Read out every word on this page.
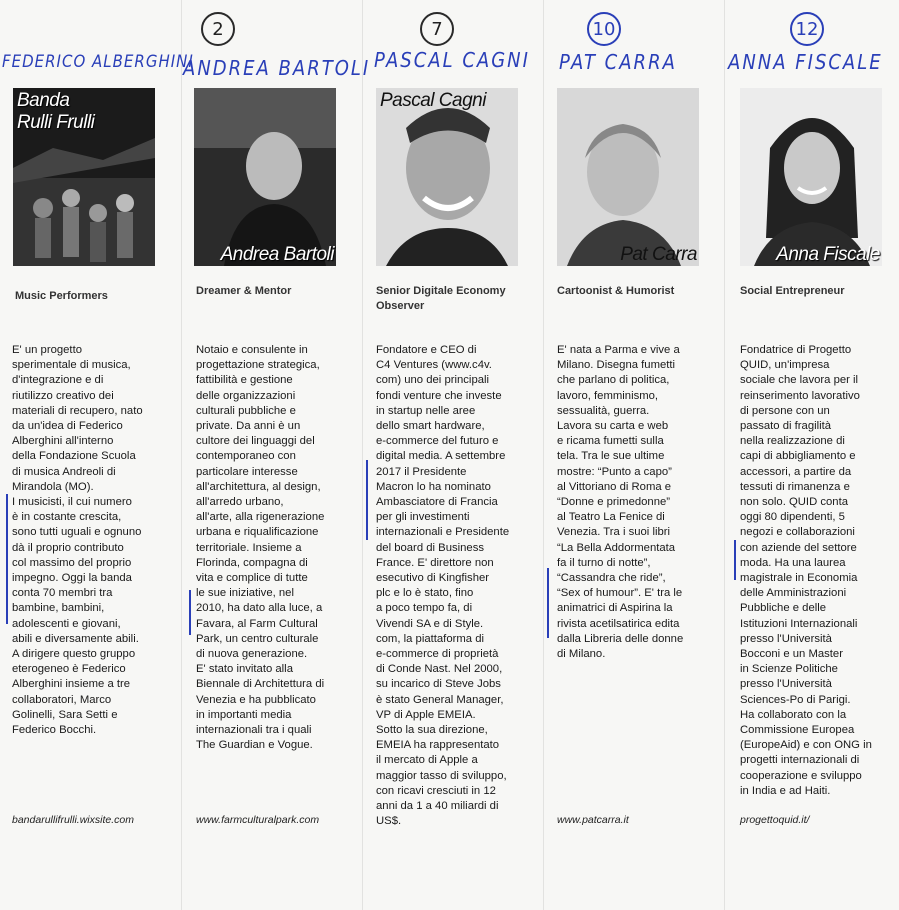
FEDERICO ALBERGHINI
Banda
Rulli Frulli
Music Performers
E' un progetto
sperimentale di musica,
d'integrazione e di
riutilizzo creativo dei
materiali di recupero, nato
da un'idea di Federico
Alberghini all'interno
della Fondazione Scuola
di musica Andreoli di
Mirandola (MO).
I musicisti, il cui numero
è in costante crescita,
sono tutti uguali e ognuno
dà il proprio contributo
col massimo del proprio
impegno. Oggi la banda
conta 70 membri tra
bambine, bambini,
adolescenti e giovani,
abili e diversamente abili.
A dirigere questo gruppo
eterogeneo è Federico
Alberghini insieme a tre
collaboratori, Marco
Golinelli, Sara Setti e
Federico Bocchi.
bandarullifrulli.wixsite.com
2
ANDREA BARTOLI
Andrea Bartoli
Dreamer & Mentor
Notaio e consulente in
progettazione strategica,
fattibilità e gestione
delle organizzazioni
culturali pubbliche e
private. Da anni è un
cultore dei linguaggi del
contemporaneo con
particolare interesse
all'architettura, al design,
all'arredo urbano,
all'arte, alla rigenerazione
urbana e riqualificazione
territoriale. Insieme a
Florinda, compagna di
vita e complice di tutte
le sue iniziative, nel
2010, ha dato alla luce, a
Favara, al Farm Cultural
Park, un centro culturale
di nuova generazione.
E' stato invitato alla
Biennale di Architettura di
Venezia e ha pubblicato
in importanti media
internazionali tra i quali
The Guardian e Vogue.
www.farmculturalpark.com
7
PASCAL CAGNI
Pascal Cagni
Senior Digitale Economy
Observer
Fondatore e CEO di
C4 Ventures (www.c4v.
com) uno dei principali
fondi venture che investe
in startup nelle aree
dello smart hardware,
e-commerce del futuro e
digital media. A settembre
2017 il Presidente
Macron lo ha nominato
Ambasciatore di Francia
per gli investimenti
internazionali e Presidente
del board di Business
France. E' direttore non
esecutivo di Kingfisher
plc e lo è stato, fino
a poco tempo fa, di
Vivendi SA e di Style.
com, la piattaforma di
e-commerce di proprietà
di Conde Nast. Nel 2000,
su incarico di Steve Jobs
è stato General Manager,
VP di Apple EMEIA.
Sotto la sua direzione,
EMEIA ha rappresentato
il mercato di Apple a
maggior tasso di sviluppo,
con ricavi cresciuti in 12
anni da 1 a 40 miliardi di
US$.
10
PAT CARRA
Pat Carra
Cartoonist & Humorist
E' nata a Parma e vive a
Milano. Disegna fumetti
che parlano di politica,
lavoro, femminismo,
sessualità, guerra.
Lavora su carta e web
e ricama fumetti sulla
tela. Tra le sue ultime
mostre: “Punto a capo”
al Vittoriano di Roma e
“Donne e primedonne”
al Teatro La Fenice di
Venezia. Tra i suoi libri
“La Bella Addormentata
fa il turno di notte”,
“Cassandra che ride”,
“Sex of humour”. E' tra le
animatrici di Aspirina la
rivista acetilsatirica edita
dalla Libreria delle donne
di Milano.
www.patcarra.it
12
ANNA FISCALE
Anna Fiscale
Social Entrepreneur
Fondatrice di Progetto
QUID, un'impresa
sociale che lavora per il
reinserimento lavorativo
di persone con un
passato di fragilità
nella realizzazione di
capi di abbigliamento e
accessori, a partire da
tessuti di rimanenza e
non solo. QUID conta
oggi 80 dipendenti, 5
negozi e collaborazioni
con aziende del settore
moda. Ha una laurea
magistrale in Economia
delle Amministrazioni
Pubbliche e delle
Istituzioni Internazionali
presso l'Università
Bocconi e un Master
in Scienze Politiche
presso l'Università
Sciences-Po di Parigi.
Ha collaborato con la
Commissione Europea
(EuropeAid) e con ONG in
progetti internazionali di
cooperazione e sviluppo
in India e ad Haiti.
progettoquid.it/
